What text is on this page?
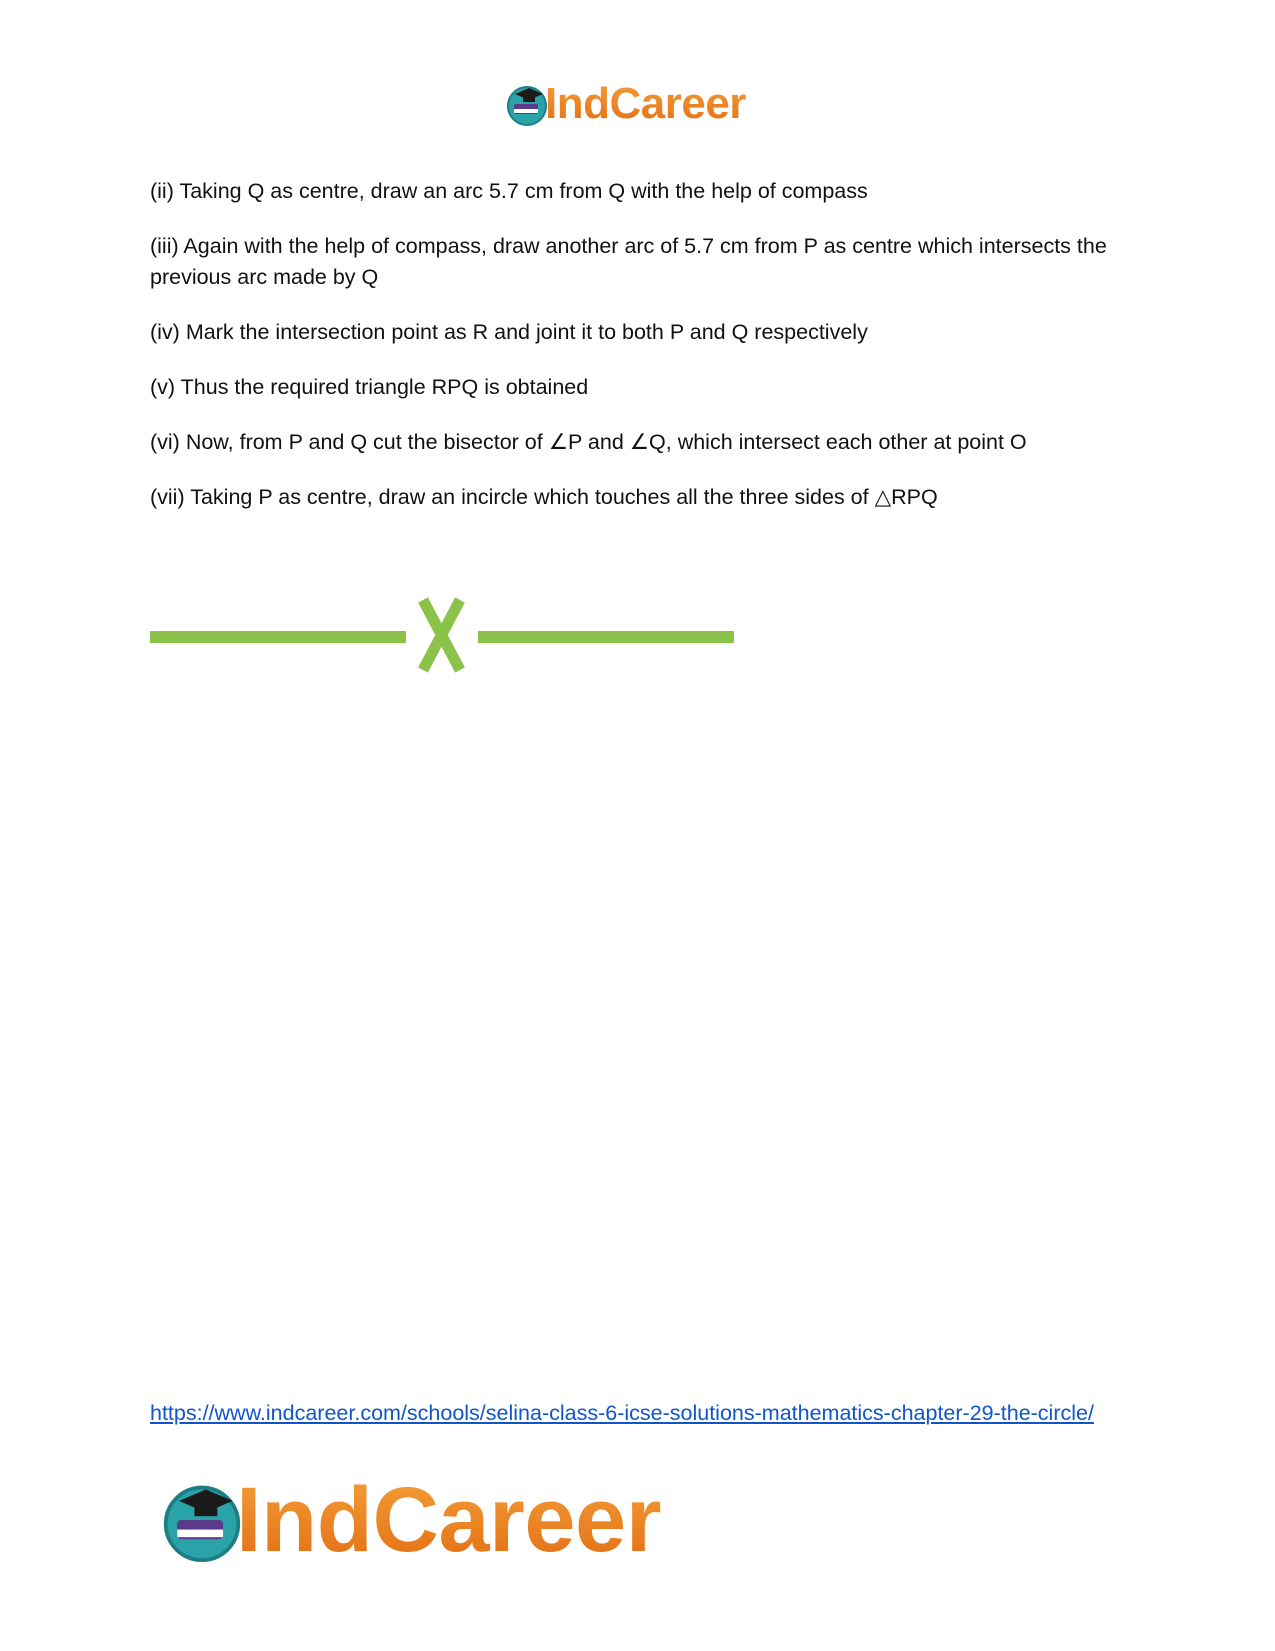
IndCareer
(ii) Taking Q as centre, draw an arc 5.7 cm from Q with the help of compass
(iii) Again with the help of compass, draw another arc of 5.7 cm from P as centre which intersects the previous arc made by Q
(iv) Mark the intersection point as R and joint it to both P and Q respectively
(v) Thus the required triangle RPQ is obtained
(vi) Now, from P and Q cut the bisector of ∠P and ∠Q, which intersect each other at point O
(vii) Taking P as centre, draw an incircle which touches all the three sides of △RPQ
https://www.indcareer.com/schools/selina-class-6-icse-solutions-mathematics-chapter-29-the-circle/
IndCareer
